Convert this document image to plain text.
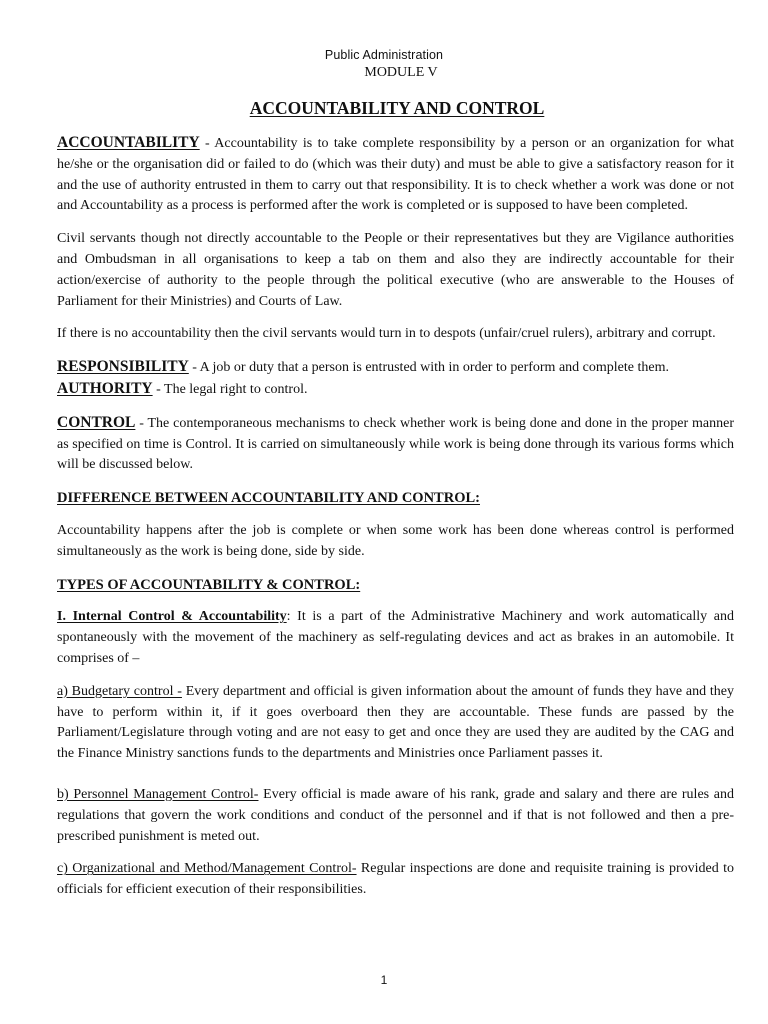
Public Administration
MODULE V
ACCOUNTABILITY AND CONTROL

ACCOUNTABILITY - Accountability is to take complete responsibility by a person or an organization for what he/she or the organisation did or failed to do (which was their duty) and must be able to give a satisfactory reason for it and the use of authority entrusted in them to carry out that responsibility. It is to check whether a work was done or not and Accountability as a process is performed after the work is completed or is supposed to have been completed.

Civil servants though not directly accountable to the People or their representatives but they are Vigilance authorities and Ombudsman in all organisations to keep a tab on them and also they are indirectly accountable for their action/exercise of authority to the people through the political executive (who are answerable to the Houses of Parliament for their Ministries) and Courts of Law.

If there is no accountability then the civil servants would turn in to despots (unfair/cruel rulers), arbitrary and corrupt.

RESPONSIBILITY - A job or duty that a person is entrusted with in order to perform and complete them.

AUTHORITY - The legal right to control.

CONTROL - The contemporaneous mechanisms to check whether work is being done and done in the proper manner as specified on time is Control. It is carried on simultaneously while work is being done through its various forms which will be discussed below.

DIFFERENCE BETWEEN ACCOUNTABILITY AND CONTROL:

Accountability happens after the job is complete or when some work has been done whereas control is performed simultaneously as the work is being done, side by side.

TYPES OF ACCOUNTABILITY & CONTROL:

I. Internal Control & Accountability: It is a part of the Administrative Machinery and work automatically and spontaneously with the movement of the machinery as self-regulating devices and act as brakes in an automobile. It comprises of –

a) Budgetary control - Every department and official is given information about the amount of funds they have and they have to perform within it, if it goes overboard then they are accountable. These funds are passed by the Parliament/Legislature through voting and are not easy to get and once they are used they are audited by the CAG and the Finance Ministry sanctions funds to the departments and Ministries once Parliament passes it.

b) Personnel Management Control- Every official is made aware of his rank, grade and salary and there are rules and regulations that govern the work conditions and conduct of the personnel and if that is not followed and then a pre-prescribed punishment is meted out.

c) Organizational and Method/Management Control- Regular inspections are done and requisite training is provided to officials for efficient execution of their responsibilities.

1
